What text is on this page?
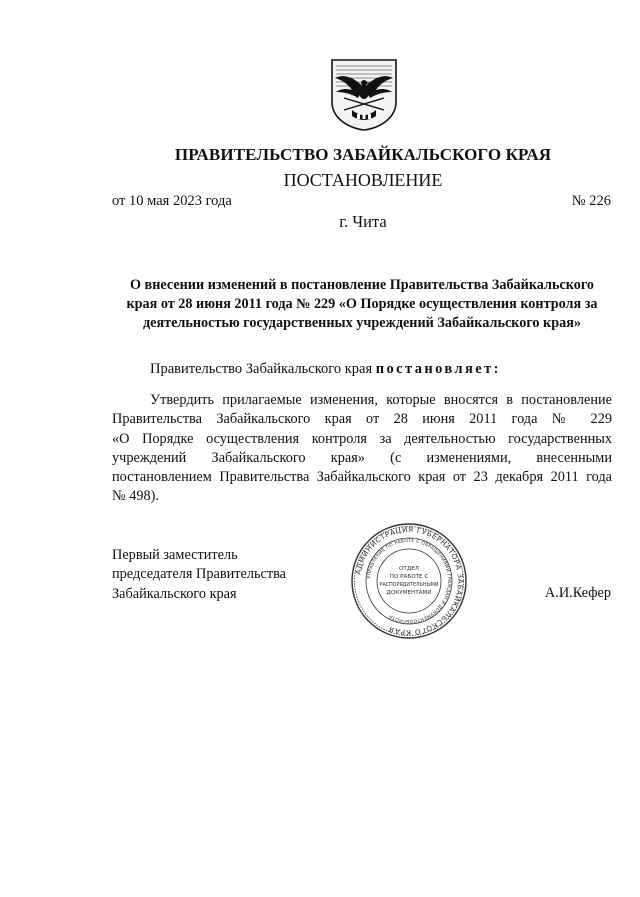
ПРАВИТЕЛЬСТВО ЗАБАЙКАЛЬСКОГО КРАЯ
ПОСТАНОВЛЕНИЕ
от 10 мая 2023 года	№ 226
г. Чита
О внесении изменений в постановление Правительства Забайкальского
края от 28 июня 2011 года № 229 «О Порядке осуществления контроля за
деятельностью государственных учреждений Забайкальского края»
Правительство Забайкальского края постановляет:
Утвердить прилагаемые изменения, которые вносятся в постановление
Правительства Забайкальского края от 28 июня 2011 года № 229
«О Порядке осуществления контроля за деятельностью государственных
учреждений Забайкальского края» (с изменениями, внесенными
постановлением Правительства Забайкальского края от 23 декабря 2011 года
№ 498).
Первый заместитель
председателя Правительства
Забайкальского края	А.И.Кефер
АДМИНИСТРАЦИЯ ГУБЕРНАТОРА ЗАБАЙКАЛЬСКОГО КРАЯ
УПРАВЛЕНИЕ ПО РАБОТЕ С ОБРАЩЕНИЯМИ ГРАЖДАН И ДОКУМЕНТООБОРОТА
ОТДЕЛ
ПО РАБОТЕ С
РАСПОРЯДИТЕЛЬНЫМИ
ДОКУМЕНТАМИ
